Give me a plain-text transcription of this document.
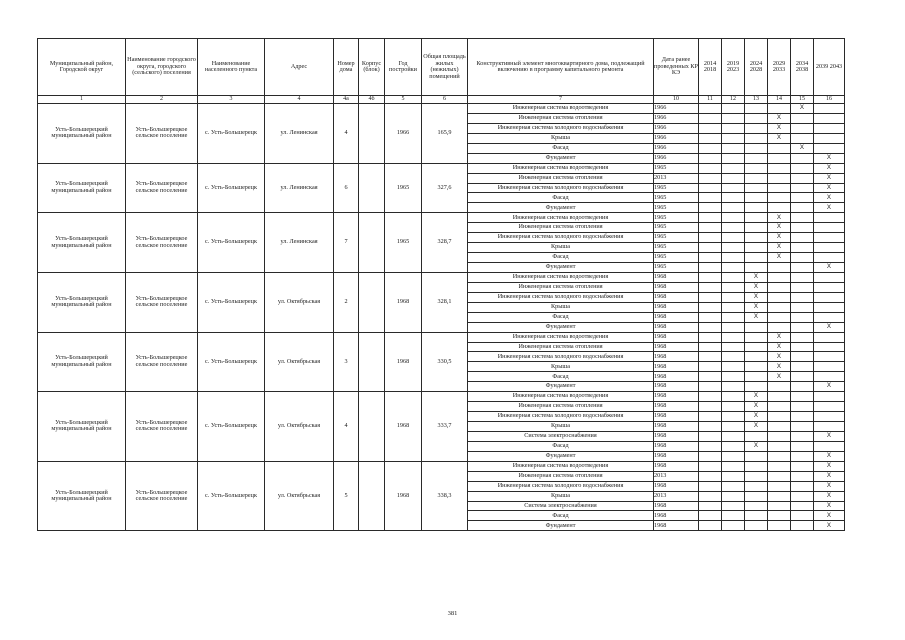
Муниципальный район, Городской округ	Наименование городского округа, городского (сельского) поселения	Наименование населенного пункта	Адрес	Номер дома	Корпус (блок)	Год постройки	Общая площадь жилых (нежилых) помещений	Конструктивный элемент многоквартирного дома, подлежащий включению в программу капитального ремонта	Дата ранее проведенных КР КЭ	2014 2018	2019 2023	2024 2028	2029 2033	2034 2038	2039 2043
1	2	3	4	4а	4б	5	6	7	10	11	12	13	14	15	16
Усть-Большерецкий муниципальный район	Усть-Большерецкое сельское поселение	с. Усть-Большерецк	ул. Ленинская	4		1966	165,9	Инженерная система водоотведения	1966					X	
								Инженерная система отопления	1966				X		
								Инженерная система холодного водоснабжения	1966				X		
								Крыша	1966				X		
								Фасад	1966					X	
								Фундамент	1966						X
Усть-Большерецкий муниципальный район	Усть-Большерецкое сельское поселение	с. Усть-Большерецк	ул. Ленинская	6		1965	327,6	Инженерная система водоотведения	1965						X
								Инженерная система отопления	2013						X
								Инженерная система холодного водоснабжения	1965						X
								Фасад	1965						X
								Фундамент	1965						X
Усть-Большерецкий муниципальный район	Усть-Большерецкое сельское поселение	с. Усть-Большерецк	ул. Ленинская	7		1965	328,7	Инженерная система водоотведения	1965				X		
								Инженерная система отопления	1965				X		
								Инженерная система холодного водоснабжения	1965				X		
								Крыша	1965				X		
								Фасад	1965				X		
								Фундамент	1965						X
Усть-Большерецкий муниципальный район	Усть-Большерецкое сельское поселение	с. Усть-Большерецк	ул. Октябрьская	2		1968	328,1	Инженерная система водоотведения	1968			X			
								Инженерная система отопления	1968			X			
								Инженерная система холодного водоснабжения	1968			X			
								Крыша	1968			X			
								Фасад	1968			X			
								Фундамент	1968						X
Усть-Большерецкий муниципальный район	Усть-Большерецкое сельское поселение	с. Усть-Большерецк	ул. Октябрьская	3		1968	330,5	Инженерная система водоотведения	1968				X		
								Инженерная система отопления	1968				X		
								Инженерная система холодного водоснабжения	1968				X		
								Крыша	1968				X		
								Фасад	1968				X		
								Фундамент	1968						X
Усть-Большерецкий муниципальный район	Усть-Большерецкое сельское поселение	с. Усть-Большерецк	ул. Октябрьская	4		1968	333,7	Инженерная система водоотведения	1968			X			
								Инженерная система отопления	1968			X			
								Инженерная система холодного водоснабжения	1968			X			
								Крыша	1968			X			
								Система электроснабжения	1968						X
								Фасад	1968			X			
								Фундамент	1968						X
Усть-Большерецкий муниципальный район	Усть-Большерецкое сельское поселение	с. Усть-Большерецк	ул. Октябрьская	5		1968	338,3	Инженерная система водоотведения	1968						X
								Инженерная система отопления	2013						X
								Инженерная система холодного водоснабжения	1968						X
								Крыша	2013						X
								Система электроснабжения	1968						X
								Фасад	1968						X
								Фундамент	1968						X
381
